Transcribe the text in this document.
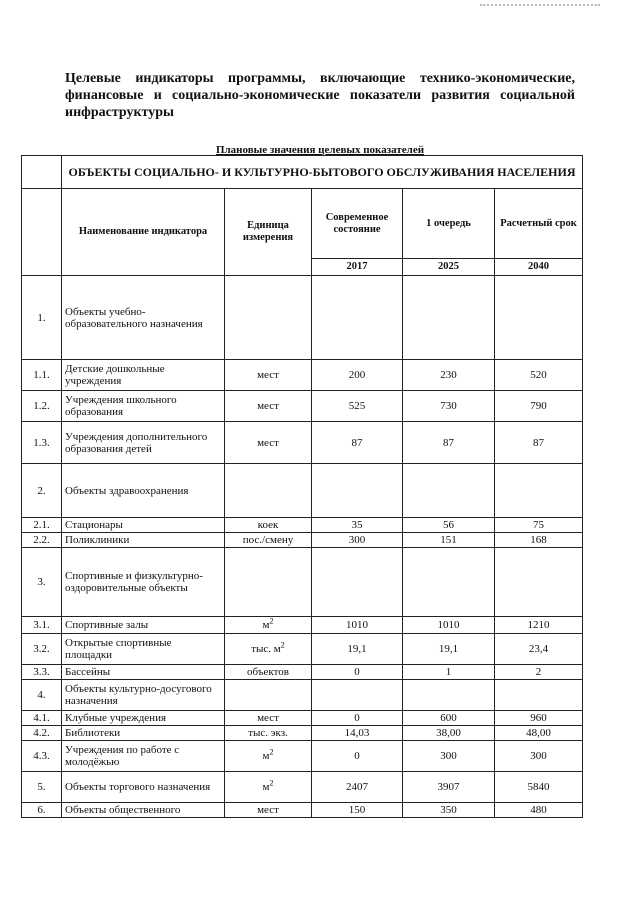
Целевые индикаторы программы, включающие технико-экономические, финансовые и социально-экономические показатели развития социальной инфраструктуры
Плановые значения целевых показателей
	ОБЪЕКТЫ СОЦИАЛЬНО- И КУЛЬТУРНО-БЫТОВОГО ОБСЛУЖИВАНИЯ НАСЕЛЕНИЯ				
	Наименование индикатора	Единица измерения	Современное состояние	1 очередь	Расчетный срок
			2017	2025	2040
1.	Объекты учебно-образовательного назначения				
1.1.	Детские дошкольные учреждения	мест	200	230	520
1.2.	Учреждения школьного образования	мест	525	730	790
1.3.	Учреждения дополнительного образования детей	мест	87	87	87
2.	Объекты здравоохранения				
2.1.	Стационары	коек	35	56	75
2.2.	Поликлиники	пос./смену	300	151	168
3.	Спортивные и физкультурно-оздоровительные объекты				
3.1.	Спортивные залы	$м^2$	1010	1010	1210
3.2.	Открытые спортивные площадки	тыс. $м^2$	19,1	19,1	23,4
3.3.	Бассейны	объектов	0	1	2
4.	Объекты культурно-досугового назначения				
4.1.	Клубные учреждения	мест	0	600	960
4.2.	Библиотеки	тыс. экз.	14,03	38,00	48,00
4.3.	Учреждения по работе с молодёжью	$м^2$	0	300	300
5.	Объекты торгового назначения	$м^2$	2407	3907	5840
6.	Объекты общественного	мест	150	350	480
